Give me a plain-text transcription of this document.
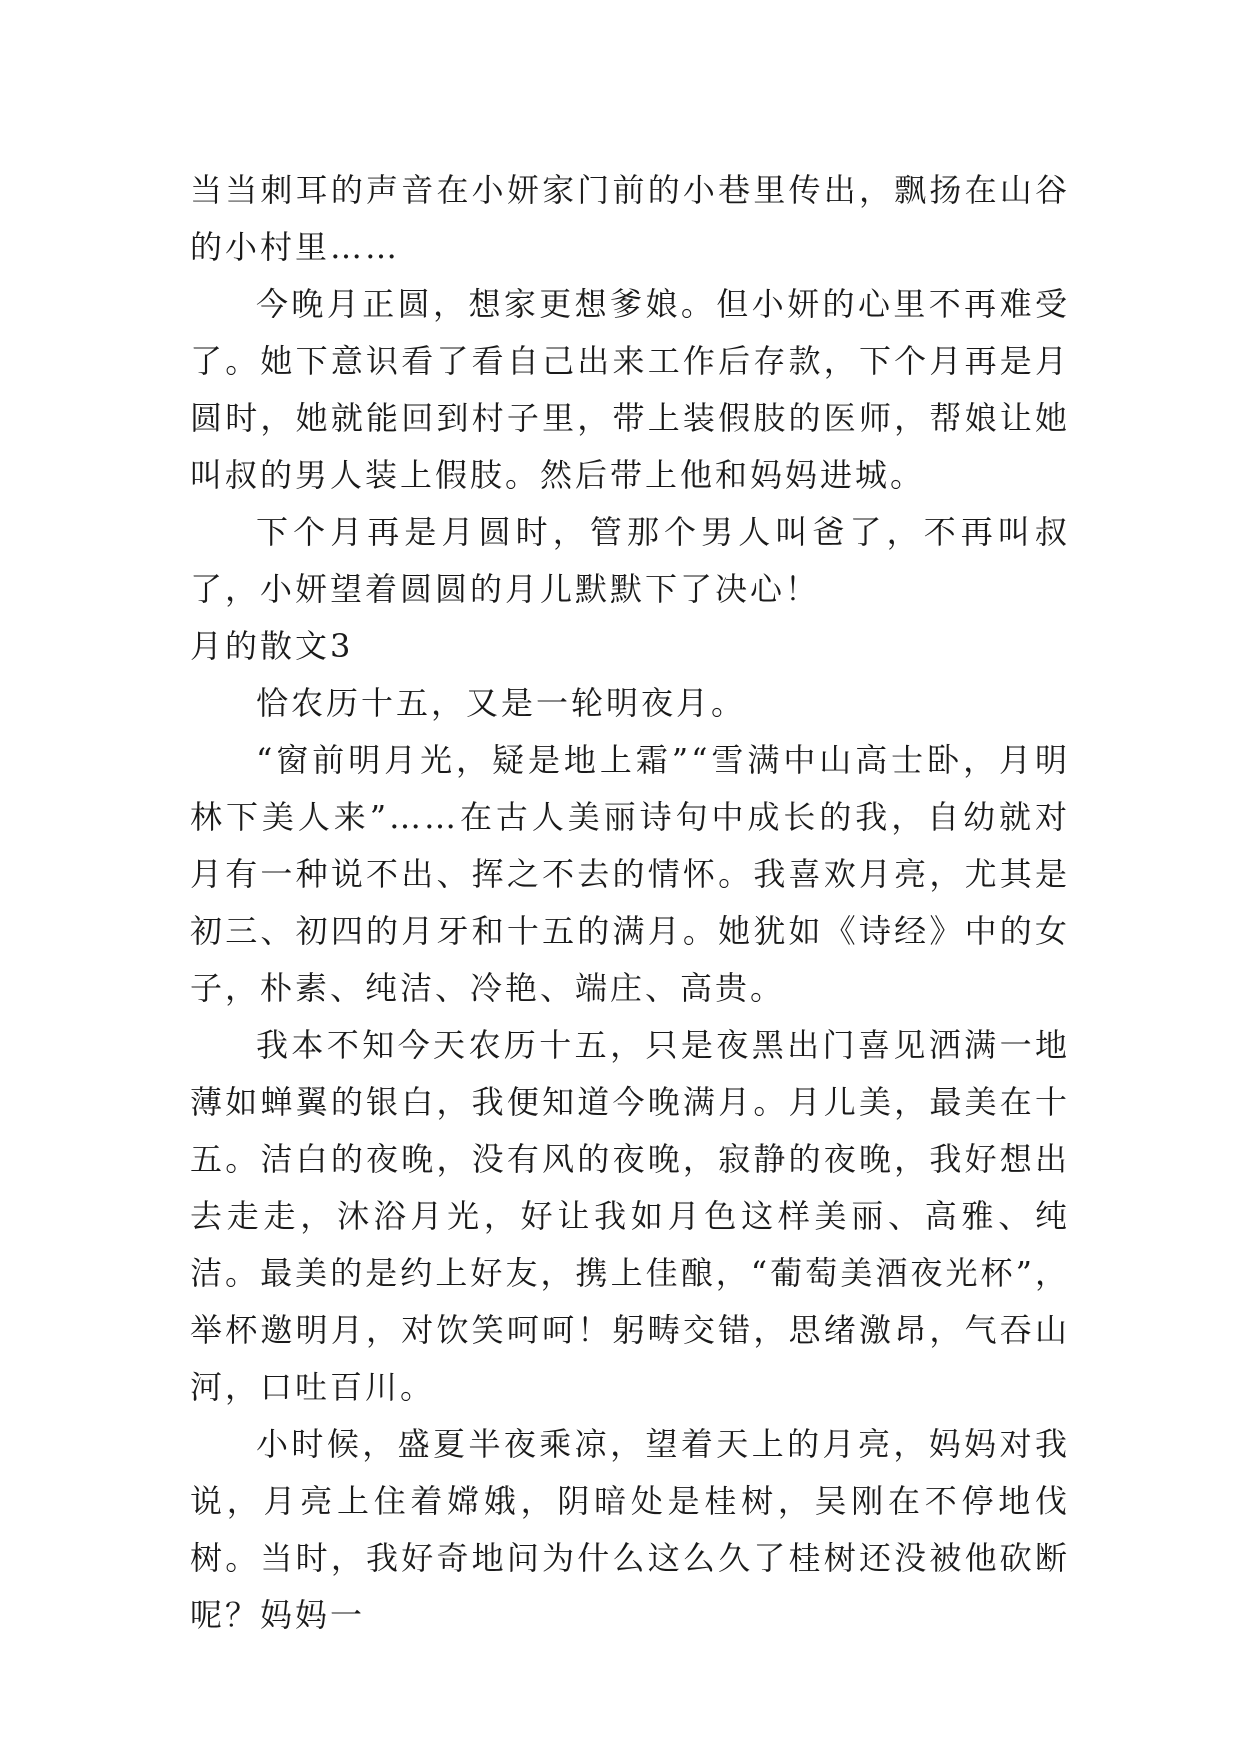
当当刺耳的声音在小妍家门前的小巷里传出，飘扬在山谷的小村里……

今晚月正圆，想家更想爹娘。但小妍的心里不再难受了。她下意识看了看自己出来工作后存款，下个月再是月圆时，她就能回到村子里，带上装假肢的医师，帮娘让她叫叔的男人装上假肢。然后带上他和妈妈进城。

下个月再是月圆时，管那个男人叫爸了，不再叫叔了，小妍望着圆圆的月儿默默下了决心！

月的散文3

恰农历十五，又是一轮明夜月。

“窗前明月光，疑是地上霜”“雪满中山高士卧，月明林下美人来”……在古人美丽诗句中成长的我，自幼就对月有一种说不出、挥之不去的情怀。我喜欢月亮，尤其是初三、初四的月牙和十五的满月。她犹如《诗经》中的女子，朴素、纯洁、冷艳、端庄、高贵。

我本不知今天农历十五，只是夜黑出门喜见洒满一地薄如蝉翼的银白，我便知道今晚满月。月儿美，最美在十五。洁白的夜晚，没有风的夜晚，寂静的夜晚，我好想出去走走，沐浴月光，好让我如月色这样美丽、高雅、纯洁。最美的是约上好友，携上佳酿，“葡萄美酒夜光杯”，举杯邀明月，对饮笑呵呵！躬畴交错，思绪激昂，气吞山河，口吐百川。

小时候，盛夏半夜乘凉，望着天上的月亮，妈妈对我说，月亮上住着嫦娥，阴暗处是桂树，吴刚在不停地伐树。当时，我好奇地问为什么这么久了桂树还没被他砍断呢？妈妈一
